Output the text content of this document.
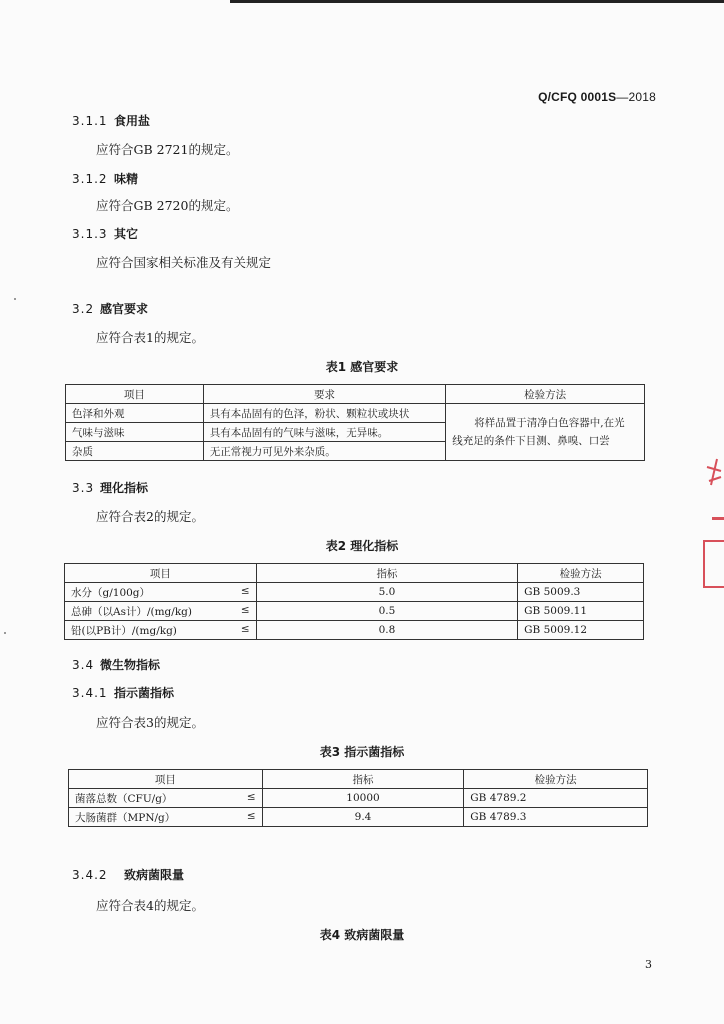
Q/CFQ 0001S—2018
3.1.1 食用盐
应符合GB 2721的规定。
3.1.2 味精
应符合GB 2720的规定。
3.1.3 其它
应符合国家相关标准及有关规定
3.2 感官要求
应符合表1的规定。
表1 感官要求
项目	要求	检验方法
色泽和外观	具有本品固有的色泽，粉状、颗粒状或块状	将样品置于清净白色容器中,在光
线充足的条件下目测、鼻嗅、口尝

气味与滋味	具有本品固有的气味与滋味，无异味。	
杂质	无正常视力可见外来杂质。	
3.3 理化指标
应符合表2的规定。
表2 理化指标
项目	指标	检验方法
水分（g/100g） ≤	5.0	GB 5009.3
总砷（以As计）/(mg/kg) ≤	0.5	GB 5009.11
铅(以PB计）/(mg/kg) ≤	0.8	GB 5009.12
3.4 微生物指标
3.4.1 指示菌指标
应符合表3的规定。
表3 指示菌指标
项目	指标	检验方法
菌落总数（CFU/g） ≤	10000	GB 4789.2
大肠菌群（MPN/g） ≤	9.4	GB 4789.3
3.4.2 致病菌限量
应符合表4的规定。
表4 致病菌限量
3
